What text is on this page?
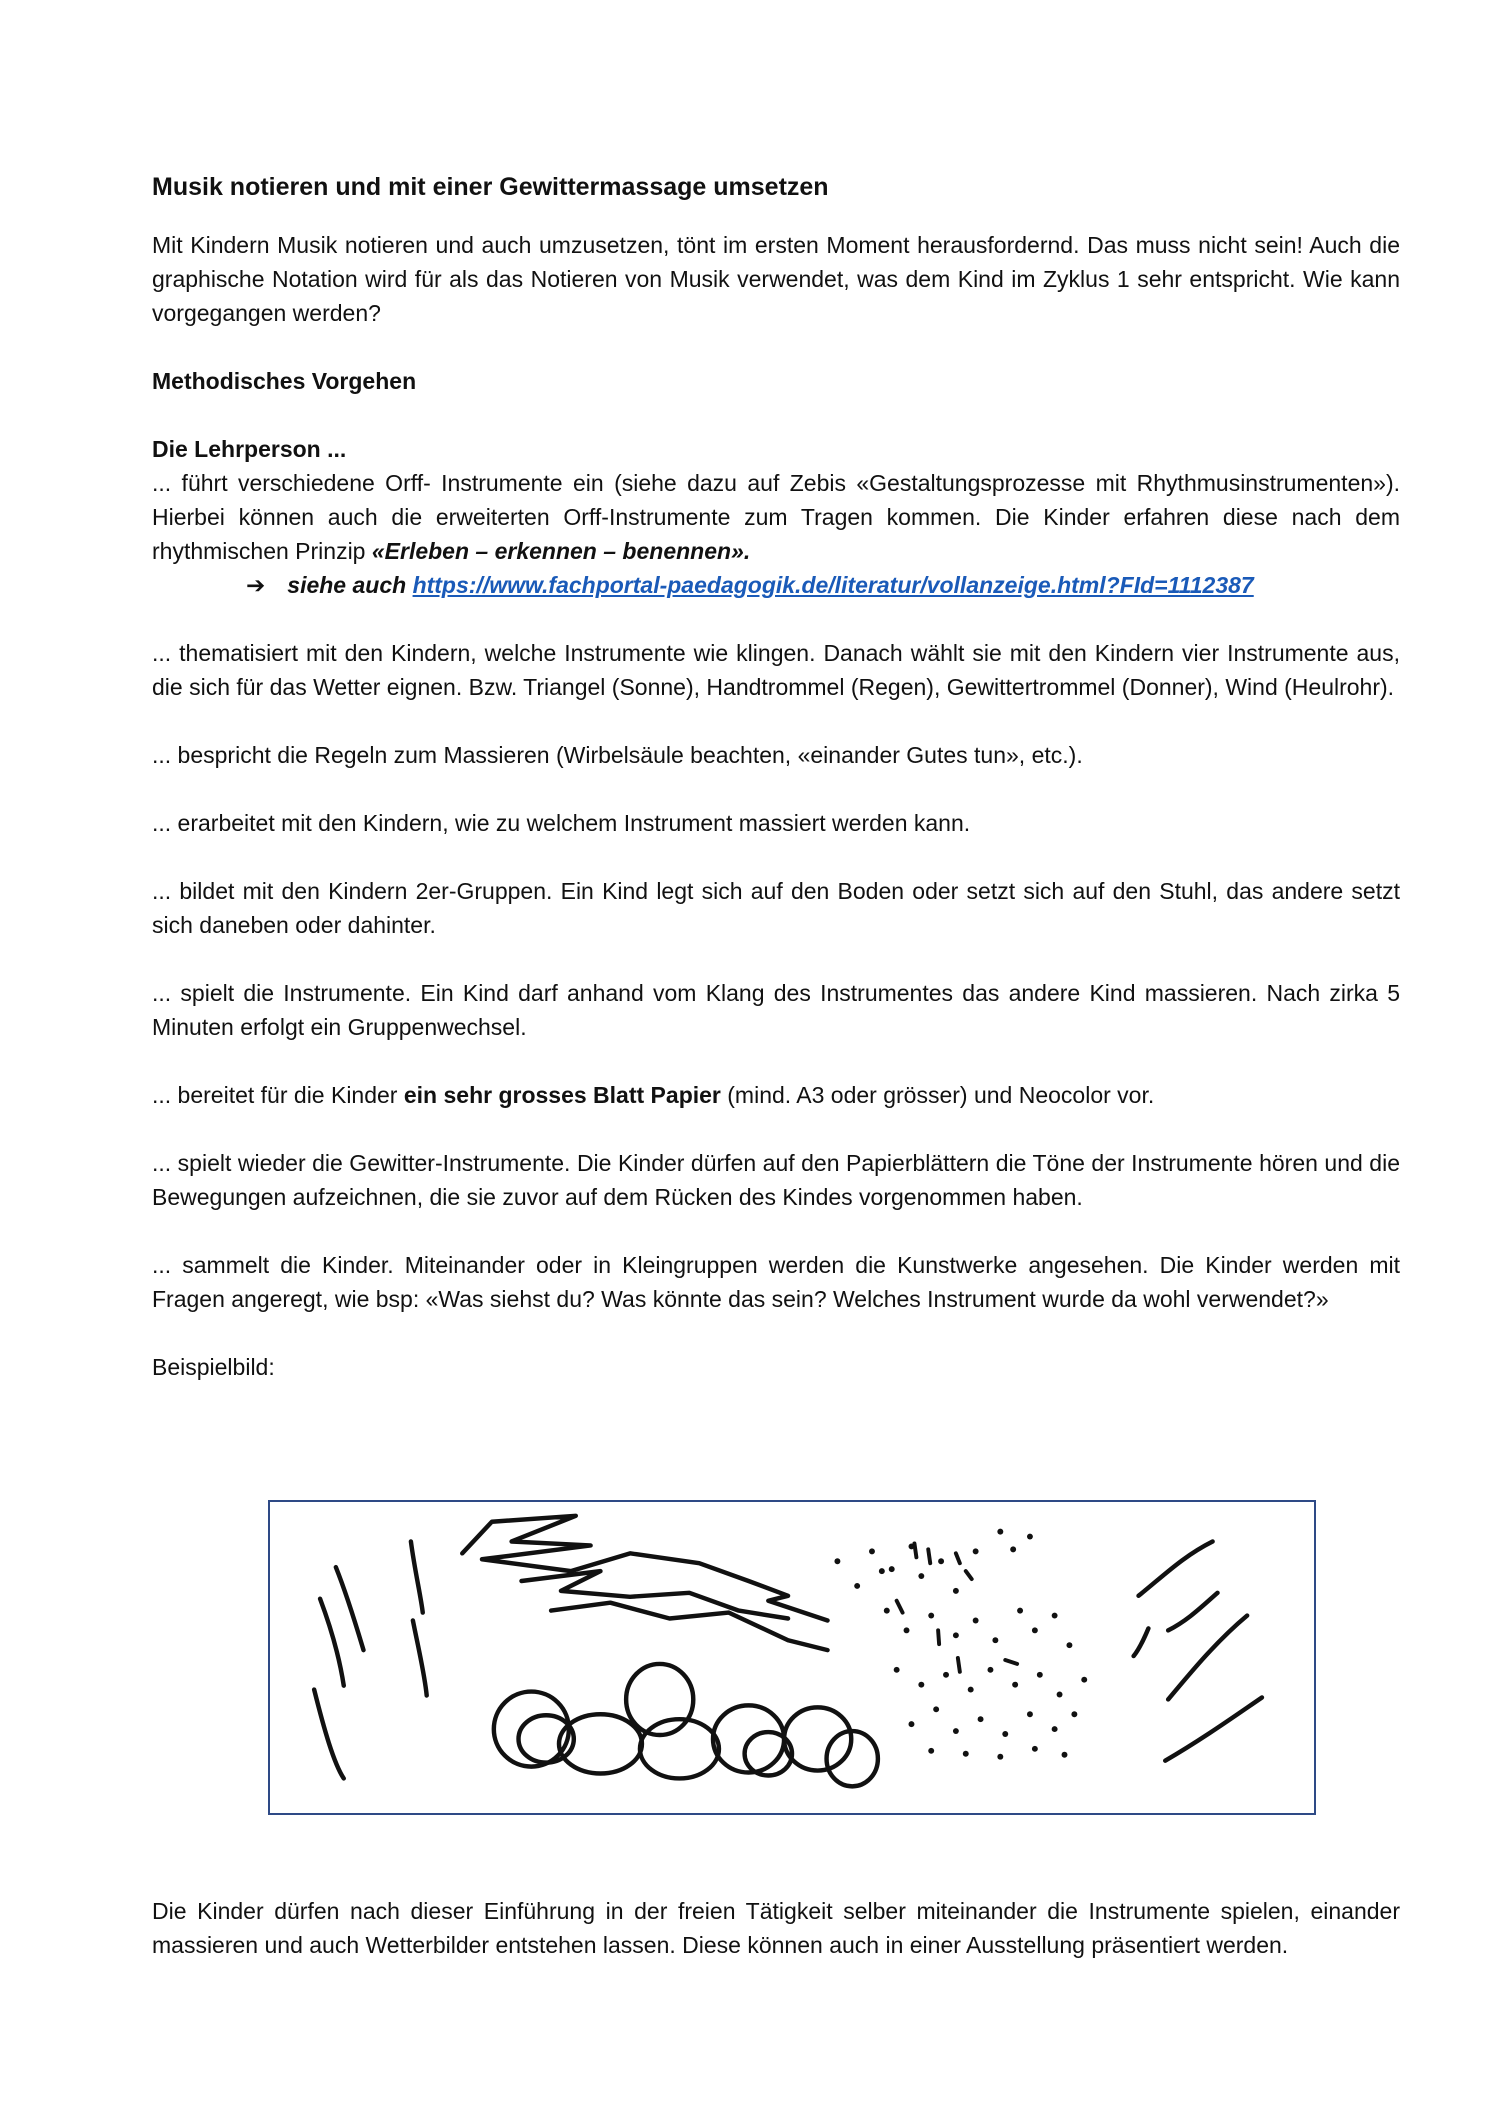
Musik notieren und mit einer Gewittermassage umsetzen

Mit Kindern Musik notieren und auch umzusetzen, tönt im ersten Moment herausfordernd. Das muss nicht sein! Auch die graphische Notation wird für als das Notieren von Musik verwendet, was dem Kind im Zyklus 1 sehr entspricht. Wie kann vorgegangen werden?

Methodisches Vorgehen
Die Lehrperson ...

... führt verschiedene Orff- Instrumente ein (siehe dazu auf Zebis «Gestaltungsprozesse mit Rhythmusinstrumenten»). Hierbei können auch die erweiterten Orff-Instrumente zum Tragen kommen. Die Kinder erfahren diese nach dem rhythmischen Prinzip «Erleben – erkennen – benennen».

➔ siehe auch https://www.fachportal-paedagogik.de/literatur/vollanzeige.html?FId=1112387

... thematisiert mit den Kindern, welche Instrumente wie klingen. Danach wählt sie mit den Kindern vier Instrumente aus, die sich für das Wetter eignen. Bzw. Triangel (Sonne), Handtrommel (Regen), Gewittertrommel (Donner), Wind (Heulrohr).

... bespricht die Regeln zum Massieren (Wirbelsäule beachten, «einander Gutes tun», etc.).

... erarbeitet mit den Kindern, wie zu welchem Instrument massiert werden kann.

... bildet mit den Kindern 2er-Gruppen. Ein Kind legt sich auf den Boden oder setzt sich auf den Stuhl, das andere setzt sich daneben oder dahinter.

... spielt die Instrumente. Ein Kind darf anhand vom Klang des Instrumentes das andere Kind massieren. Nach zirka 5 Minuten erfolgt ein Gruppenwechsel.

... bereitet für die Kinder ein sehr grosses Blatt Papier (mind. A3 oder grösser) und Neocolor vor.

... spielt wieder die Gewitter-Instrumente. Die Kinder dürfen auf den Papierblättern die Töne der Instrumente hören und die Bewegungen aufzeichnen, die sie zuvor auf dem Rücken des Kindes vorgenommen haben.

... sammelt die Kinder. Miteinander oder in Kleingruppen werden die Kunstwerke angesehen. Die Kinder werden mit Fragen angeregt, wie bsp: «Was siehst du? Was könnte das sein? Welches Instrument wurde da wohl verwendet?»

Beispielbild:

Die Kinder dürfen nach dieser Einführung in der freien Tätigkeit selber miteinander die Instrumente spielen, einander massieren und auch Wetterbilder entstehen lassen. Diese können auch in einer Ausstellung präsentiert werden.
